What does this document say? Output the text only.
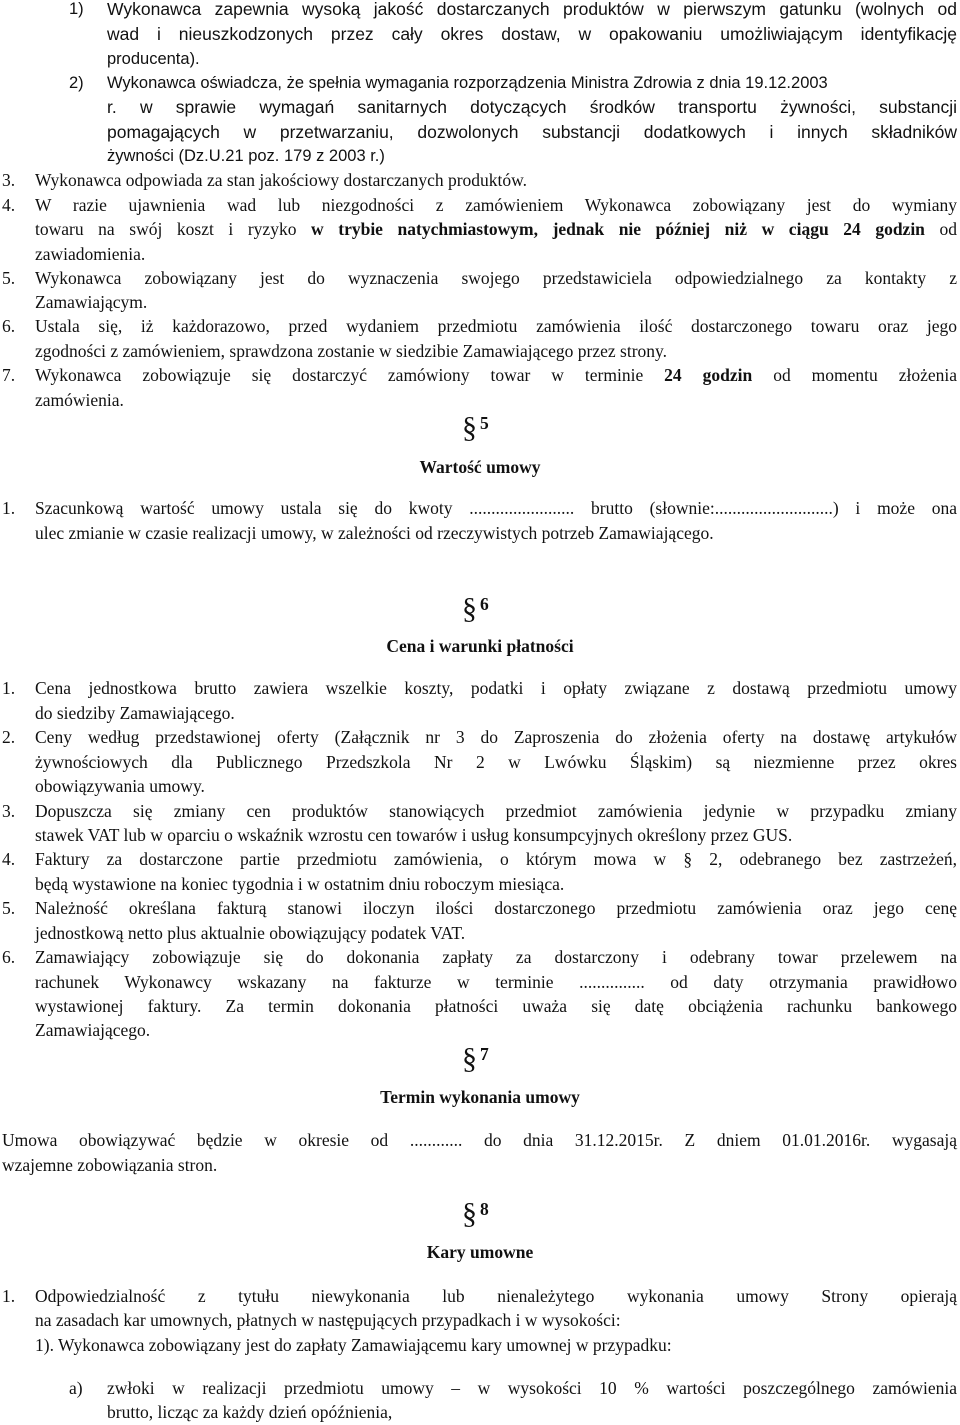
1) Wykonawca zapewnia wysoką jakość dostarczanych produktów w pierwszym gatunku (wolnych od
wad i nieuszkodzonych przez cały okres dostaw, w opakowaniu umożliwiającym identyfikację
producenta).
2) Wykonawca oświadcza, że spełnia wymagania rozporządzenia Ministra Zdrowia z dnia 19.12.2003
r. w sprawie wymagań sanitarnych dotyczących środków transportu żywności, substancji
pomagających w przetwarzaniu, dozwolonych substancji dodatkowych i innych składników
żywności (Dz.U.21 poz. 179 z 2003 r.)
3. Wykonawca odpowiada za stan jakościowy dostarczanych produktów.
4. W razie ujawnienia wad lub niezgodności z zamówieniem Wykonawca zobowiązany jest do wymiany
towaru na swój koszt i ryzyko w trybie natychmiastowym, jednak nie później niż w ciągu 24 godzin od
zawiadomienia.
5. Wykonawca zobowiązany jest do wyznaczenia swojego przedstawiciela odpowiedzialnego za kontakty z
Zamawiającym.
6. Ustala się, iż każdorazowo, przed wydaniem przedmiotu zamówienia ilość dostarczonego towaru oraz jego
zgodności z zamówieniem, sprawdzona zostanie w siedzibie Zamawiającego przez strony.
7. Wykonawca zobowiązuje się dostarczyć zamówiony towar w terminie 24 godzin od momentu złożenia
zamówienia.
§ 5
Wartość umowy
1. Szacunkową wartość umowy ustala się do kwoty ........................ brutto (słownie:...........................) i może ona
ulec zmianie w czasie realizacji umowy, w zależności od rzeczywistych potrzeb Zamawiającego.
§ 6
Cena i warunki płatności
1. Cena jednostkowa brutto zawiera wszelkie koszty, podatki i opłaty związane z dostawą przedmiotu umowy
do siedziby Zamawiającego.
2. Ceny według przedstawionej oferty (Załącznik nr 3 do Zaproszenia do złożenia oferty na dostawę artykułów
żywnościowych dla Publicznego Przedszkola Nr 2 w Lwówku Śląskim) są niezmienne przez okres
obowiązywania umowy.
3. Dopuszcza się zmiany cen produktów stanowiących przedmiot zamówienia jedynie w przypadku zmiany
stawek VAT lub w oparciu o wskaźnik wzrostu cen towarów i usług konsumpcyjnych określony przez GUS.
4. Faktury za dostarczone partie przedmiotu zamówienia, o którym mowa w § 2, odebranego bez zastrzeżeń,
będą wystawione na koniec tygodnia i w ostatnim dniu roboczym miesiąca.
5. Należność określana fakturą stanowi iloczyn ilości dostarczonego przedmiotu zamówienia oraz jego cenę
jednostkową netto plus aktualnie obowiązujący podatek VAT.
6. Zamawiający zobowiązuje się do dokonania zapłaty za dostarczony i odebrany towar przelewem na
rachunek Wykonawcy wskazany na fakturze w terminie ............... od daty otrzymania prawidłowo
wystawionej faktury. Za termin dokonania płatności uważa się datę obciążenia rachunku bankowego
Zamawiającego.
§ 7
Termin wykonania umowy
Umowa obowiązywać będzie w okresie od ............ do dnia 31.12.2015r. Z dniem 01.01.2016r. wygasają
wzajemne zobowiązania stron.
§ 8
Kary umowne
1. Odpowiedzialność z tytułu niewykonania lub nienależytego wykonania umowy Strony opierają
na zasadach kar umownych, płatnych w następujących przypadkach i w wysokości:
1). Wykonawca zobowiązany jest do zapłaty Zamawiającemu kary umownej w przypadku:
a) zwłoki w realizacji przedmiotu umowy – w wysokości 10 % wartości poszczególnego zamówienia
brutto, licząc za każdy dzień opóźnienia,
